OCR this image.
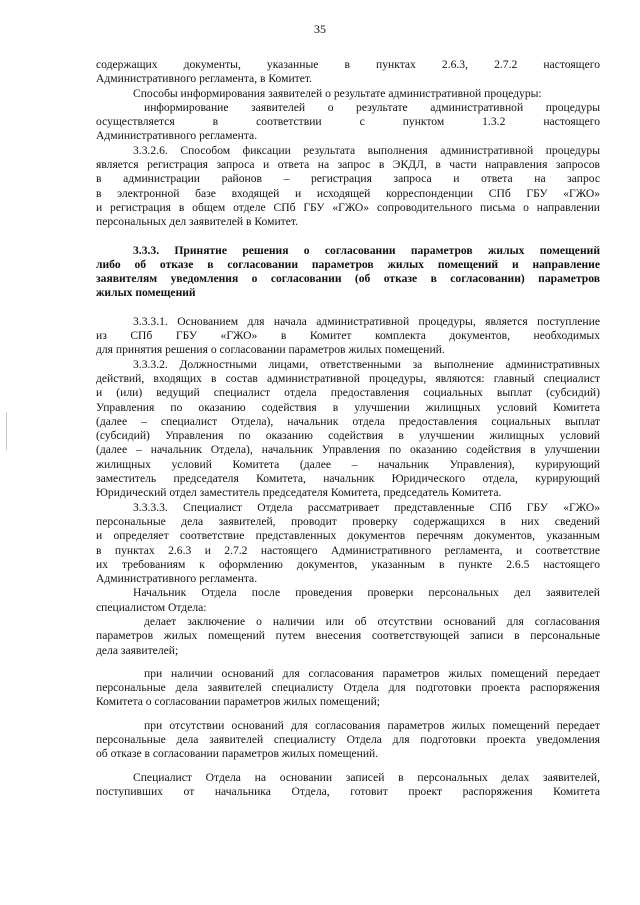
35
содержащих документы, указанные в пунктах 2.6.3, 2.7.2 настоящего
Административного регламента, в Комитет.
Способы информирования заявителей о результате административной процедуры:
информирование заявителей о результате административной процедуры
осуществляется в соответствии с пунктом 1.3.2 настоящего
Административного регламента.
3.3.2.6. Способом фиксации результата выполнения административной процедуры
является регистрация запроса и ответа на запрос в ЭКДЛ, в части направления запросов
в администрации районов – регистрация запроса и ответа на запрос
в электронной базе входящей и исходящей корреспонденции СПб ГБУ «ГЖО»
и регистрация в общем отделе СПб ГБУ «ГЖО» сопроводительного письма о направлении
персональных дел заявителей в Комитет.
3.3.3. Принятие решения о согласовании параметров жилых помещений
либо об отказе в согласовании параметров жилых помещений и направление
заявителям уведомления о согласовании (об отказе в согласовании) параметров
жилых помещений
3.3.3.1. Основанием для начала административной процедуры, является поступление
из СПб ГБУ «ГЖО» в Комитет комплекта документов, необходимых
для принятия решения о согласовании параметров жилых помещений.
3.3.3.2. Должностными лицами, ответственными за выполнение административных
действий, входящих в состав административной процедуры, являются: главный специалист
и (или) ведущий специалист отдела предоставления социальных выплат (субсидий)
Управления по оказанию содействия в улучшении жилищных условий Комитета
(далее – специалист Отдела), начальник отдела предоставления социальных выплат
(субсидий) Управления по оказанию содействия в улучшении жилищных условий
(далее – начальник Отдела), начальник Управления по оказанию содействия в улучшении
жилищных условий Комитета (далее – начальник Управления), курирующий
заместитель председателя Комитета, начальник Юридического отдела, курирующий
Юридический отдел заместитель председателя Комитета, председатель Комитета.
3.3.3.3. Специалист Отдела рассматривает представленные СПб ГБУ «ГЖО»
персональные дела заявителей, проводит проверку содержащихся в них сведений
и определяет соответствие представленных документов перечням документов, указанным
в пунктах 2.6.3 и 2.7.2 настоящего Административного регламента, и соответствие
их требованиям к оформлению документов, указанным в пункте 2.6.5 настоящего
Административного регламента.
Начальник Отдела после проведения проверки персональных дел заявителей
специалистом Отдела:
делает заключение о наличии или об отсутствии оснований для согласования
параметров жилых помещений путем внесения соответствующей записи в персональные
дела заявителей;
при наличии оснований для согласования параметров жилых помещений передает
персональные дела заявителей специалисту Отдела для подготовки проекта распоряжения
Комитета о согласовании параметров жилых помещений;
при отсутствии оснований для согласования параметров жилых помещений передает
персональные дела заявителей специалисту Отдела для подготовки проекта уведомления
об отказе в согласовании параметров жилых помещений.
Специалист Отдела на основании записей в персональных делах заявителей,
поступивших от начальника Отдела, готовит проект распоряжения Комитета
